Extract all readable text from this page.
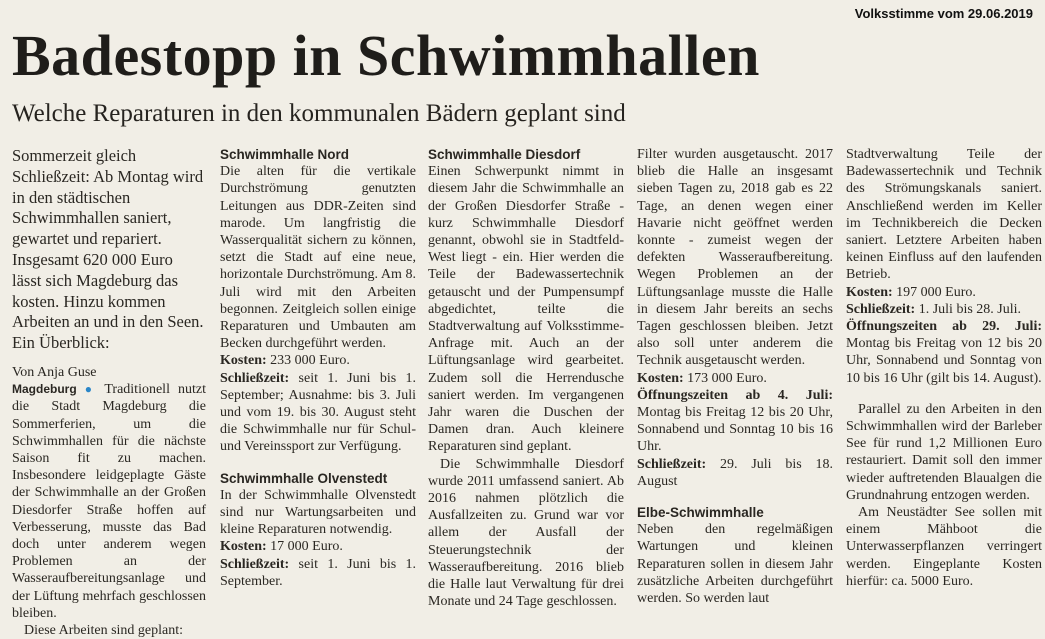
Volksstimme vom 29.06.2019
Badestopp in Schwimmhallen
Welche Reparaturen in den kommunalen Bädern geplant sind

Sommerzeit gleich Schließzeit: Ab Montag wird in den städtischen Schwimmhallen saniert, gewartet und repariert. Insgesamt 620 000 Euro lässt sich Magdeburg das kosten. Hinzu kommen Arbeiten an und in den Seen. Ein Überblick:

Von Anja Guse

Magdeburg ● Traditionell nutzt die Stadt Magdeburg die Sommerferien, um die Schwimmhallen für die nächste Saison fit zu machen. Insbesondere leidgeplagte Gäste der Schwimmhalle an der Großen Diesdorfer Straße hoffen auf Verbesserung, musste das Bad doch unter anderem wegen Problemen an der Wasseraufbereitungsanlage und der Lüftung mehrfach geschlossen bleiben.

Diese Arbeiten sind geplant:

Schwimmhalle Nord

Die alten für die vertikale Durchströmung genutzten Leitungen aus DDR-Zeiten sind marode. Um langfristig die Wasserqualität sichern zu können, setzt die Stadt auf eine neue, horizontale Durchströmung. Am 8. Juli wird mit den Arbeiten begonnen. Zeitgleich sollen einige Reparaturen und Umbauten am Becken durchgeführt werden.

Kosten: 233 000 Euro.

Schließzeit: seit 1. Juni bis 1. September; Ausnahme: bis 3. Juli und vom 19. bis 30. August steht die Schwimmhalle nur für Schul- und Vereinssport zur Verfügung.

Schwimmhalle Olvenstedt

In der Schwimmhalle Olvenstedt sind nur Wartungsarbeiten und kleine Reparaturen notwendig.

Kosten: 17 000 Euro.

Schließzeit: seit 1. Juni bis 1. September.

Schwimmhalle Diesdorf

Einen Schwerpunkt nimmt in diesem Jahr die Schwimmhalle an der Großen Diesdorfer Straße - kurz Schwimmhalle Diesdorf genannt, obwohl sie in Stadtfeld-West liegt - ein. Hier werden die Teile der Badewassertechnik getauscht und der Pumpensumpf abgedichtet, teilte die Stadtverwaltung auf Volksstimme-Anfrage mit. Auch an der Lüftungsanlage wird gearbeitet. Zudem soll die Herrendusche saniert werden. Im vergangenen Jahr waren die Duschen der Damen dran. Auch kleinere Reparaturen sind geplant.

Die Schwimmhalle Diesdorf wurde 2011 umfassend saniert. Ab 2016 nahmen plötzlich die Ausfallzeiten zu. Grund war vor allem der Ausfall der Steuerungstechnik der Wasseraufbereitung. 2016 blieb die Halle laut Verwaltung für drei Monate und 24 Tage geschlossen.

Filter wurden ausgetauscht. 2017 blieb die Halle an insgesamt sieben Tagen zu, 2018 gab es 22 Tage, an denen wegen einer Havarie nicht geöffnet werden konnte - zumeist wegen der defekten Wasseraufbereitung. Wegen Problemen an der Lüftungsanlage musste die Halle in diesem Jahr bereits an sechs Tagen geschlossen bleiben. Jetzt also soll unter anderem die Technik ausgetauscht werden.

Kosten: 173 000 Euro.

Öffnungszeiten ab 4. Juli: Montag bis Freitag 12 bis 20 Uhr, Sonnabend und Sonntag 10 bis 16 Uhr.

Schließzeit: 29. Juli bis 18. August

Elbe-Schwimmhalle

Neben den regelmäßigen Wartungen und kleinen Reparaturen sollen in diesem Jahr zusätzliche Arbeiten durchgeführt werden. So werden laut

Stadtverwaltung Teile der Badewassertechnik und Technik des Strömungskanals saniert. Anschließend werden im Keller im Technikbereich die Decken saniert. Letztere Arbeiten haben keinen Einfluss auf den laufenden Betrieb.

Kosten: 197 000 Euro.

Schließzeit: 1. Juli bis 28. Juli.

Öffnungszeiten ab 29. Juli: Montag bis Freitag von 12 bis 20 Uhr, Sonnabend und Sonntag von 10 bis 16 Uhr (gilt bis 14. August).

Parallel zu den Arbeiten in den Schwimmhallen wird der Barleber See für rund 1,2 Millionen Euro restauriert. Damit soll den immer wieder auftretenden Blaualgen die Grundnahrung entzogen werden.

Am Neustädter See sollen mit einem Mähboot die Unterwasserpflanzen verringert werden. Eingeplante Kosten hierfür: ca. 5000 Euro.
